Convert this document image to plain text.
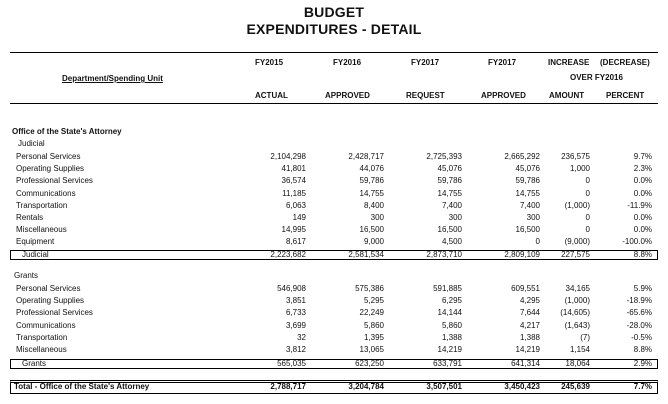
BUDGET
EXPENDITURES - DETAIL
FY2015	FY2016	FY2017	FY2017	INCREASE (DECREASE)
OVER FY2016
Department/Spending Unit
ACTUAL	APPROVED	REQUEST	APPROVED	AMOUNT	PERCENT
Office of the State's Attorney
Judicial
Personal Services	2,104,298	2,428,717	2,725,393	2,665,292	236,575	9.7%
Operating Supplies	41,801	44,076	45,076	45,076	1,000	2.3%
Professional Services	36,574	59,786	59,786	59,786	0	0.0%
Communications	11,185	14,755	14,755	14,755	0	0.0%
Transportation	6,063	8,400	7,400	7,400	(1,000)	-11.9%
Rentals	149	300	300	300	0	0.0%
Miscellaneous	14,995	16,500	16,500	16,500	0	0.0%
Equipment	8,617	9,000	4,500	0	(9,000)	-100.0%
Judicial	2,223,682	2,581,534	2,873,710	2,809,109	227,575	8.8%
Grants
Personal Services	546,908	575,386	591,885	609,551	34,165	5.9%
Operating Supplies	3,851	5,295	6,295	4,295	(1,000)	-18.9%
Professional Services	6,733	22,249	14,144	7,644	(14,605)	-65.6%
Communications	3,699	5,860	5,860	4,217	(1,643)	-28.0%
Transportation	32	1,395	1,388	1,388	(7)	-0.5%
Miscellaneous	3,812	13,065	14,219	14,219	1,154	8.8%
Grants	565,035	623,250	633,791	641,314	18,064	2.9%
Total - Office of the State's Attorney	2,788,717	3,204,784	3,507,501	3,450,423	245,639	7.7%
